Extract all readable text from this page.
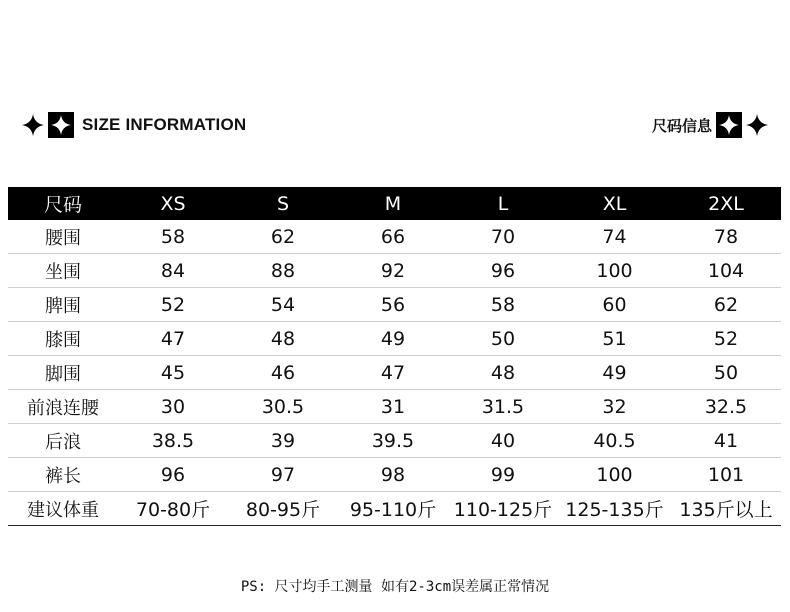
SIZE INFORMATION	尺码信息
尺码	XS	S	M	L	XL	2XL
腰围	58	62	66	70	74	78
坐围	84	88	92	96	100	104
脾围	52	54	56	58	60	62
膝围	47	48	49	50	51	52
脚围	45	46	47	48	49	50
前浪连腰	30	30.5	31	31.5	32	32.5
后浪	38.5	39	39.5	40	40.5	41
裤长	96	97	98	99	100	101
建议体重	70-80斤	80-95斤	95-110斤	110-125斤	125-135斤	135斤以上
PS: 尺寸均手工测量 如有2-3cm误差属正常情况
